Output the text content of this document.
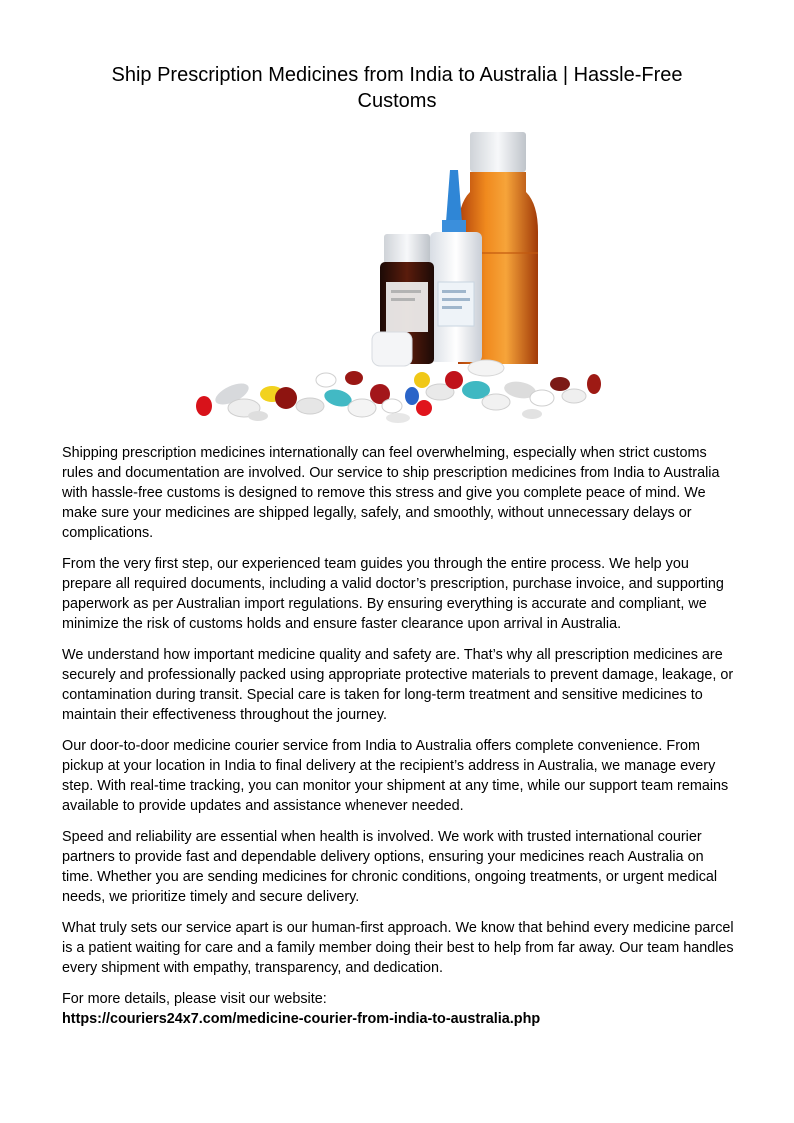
Ship Prescription Medicines from India to Australia | Hassle-Free Customs

Shipping prescription medicines internationally can feel overwhelming, especially when strict customs rules and documentation are involved. Our service to ship prescription medicines from India to Australia with hassle-free customs is designed to remove this stress and give you complete peace of mind. We make sure your medicines are shipped legally, safely, and smoothly, without unnecessary delays or complications.

From the very first step, our experienced team guides you through the entire process. We help you prepare all required documents, including a valid doctor’s prescription, purchase invoice, and supporting paperwork as per Australian import regulations. By ensuring everything is accurate and compliant, we minimize the risk of customs holds and ensure faster clearance upon arrival in Australia.

We understand how important medicine quality and safety are. That’s why all prescription medicines are securely and professionally packed using appropriate protective materials to prevent damage, leakage, or contamination during transit. Special care is taken for long-term treatment and sensitive medicines to maintain their effectiveness throughout the journey.

Our door-to-door medicine courier service from India to Australia offers complete convenience. From pickup at your location in India to final delivery at the recipient’s address in Australia, we manage every step. With real-time tracking, you can monitor your shipment at any time, while our support team remains available to provide updates and assistance whenever needed.

Speed and reliability are essential when health is involved. We work with trusted international courier partners to provide fast and dependable delivery options, ensuring your medicines reach Australia on time. Whether you are sending medicines for chronic conditions, ongoing treatments, or urgent medical needs, we prioritize timely and secure delivery.

What truly sets our service apart is our human-first approach. We know that behind every medicine parcel is a patient waiting for care and a family member doing their best to help from far away. Our team handles every shipment with empathy, transparency, and dedication.

For more details, please visit our website:

https://couriers24x7.com/medicine-courier-from-india-to-australia.php
